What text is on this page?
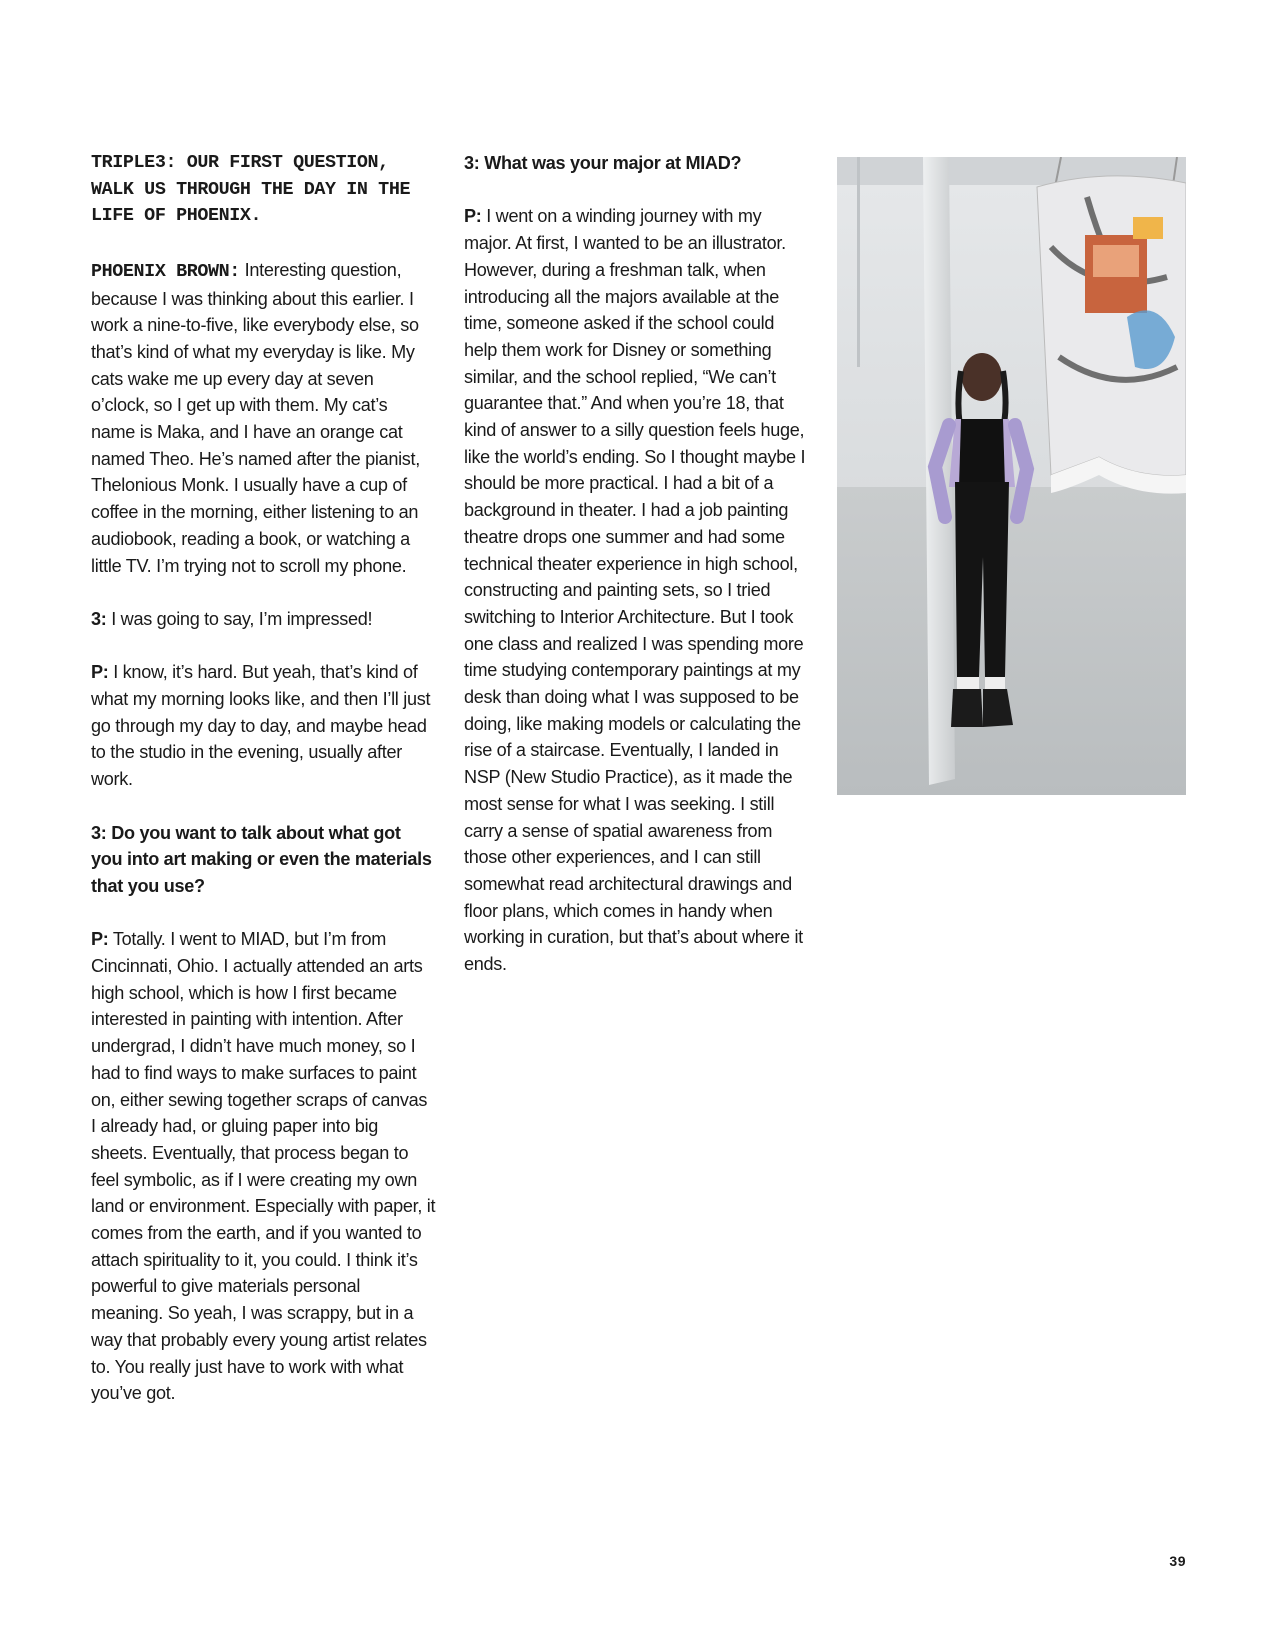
TRIPLE3: OUR FIRST QUESTION, WALK US THROUGH THE DAY IN THE LIFE OF PHOENIX.

PHOENIX BROWN: Interesting question, because I was thinking about this earlier. I work a nine-to-five, like everybody else, so that’s kind of what my everyday is like. My cats wake me up every day at seven o’clock, so I get up with them. My cat’s name is Maka, and I have an orange cat named Theo. He’s named after the pianist, Thelonious Monk. I usually have a cup of coffee in the morning, either listening to an audiobook, reading a book, or watching a little TV. I’m trying not to scroll my phone.

3: I was going to say, I’m impressed!

P: I know, it’s hard. But yeah, that’s kind of what my morning looks like, and then I’ll just go through my day to day, and maybe head to the studio in the evening, usually after work.

3: Do you want to talk about what got you into art making or even the materials that you use?

P: Totally. I went to MIAD, but I’m from Cincinnati, Ohio. I actually attended an arts high school, which is how I first became interested in painting with intention. After undergrad, I didn’t have much money, so I had to find ways to make surfaces to paint on, either sewing together scraps of canvas I already had, or gluing paper into big sheets. Eventually, that process began to feel symbolic, as if I were creating my own land or environment. Especially with paper, it comes from the earth, and if you wanted to attach spirituality to it, you could. I think it’s powerful to give materials personal meaning. So yeah, I was scrappy, but in a way that probably every young artist relates to. You really just have to work with what you’ve got.

3: What was your major at MIAD?

P: I went on a winding journey with my major. At first, I wanted to be an illustrator. However, during a freshman talk, when introducing all the majors available at the time, someone asked if the school could help them work for Disney or something similar, and the school replied, “We can’t guarantee that.” And when you’re 18, that kind of answer to a silly question feels huge, like the world’s ending. So I thought maybe I should be more practical. I had a bit of a background in theater. I had a job painting theatre drops one summer and had some technical theater experience in high school, constructing and painting sets, so I tried switching to Interior Architecture. But I took one class and realized I was spending more time studying contemporary paintings at my desk than doing what I was supposed to be doing, like making models or calculating the rise of a staircase. Eventually, I landed in NSP (New Studio Practice), as it made the most sense for what I was seeking. I still carry a sense of spatial awareness from those other experiences, and I can still somewhat read architectural drawings and floor plans, which comes in handy when working in curation, but that’s about where it ends.

39
